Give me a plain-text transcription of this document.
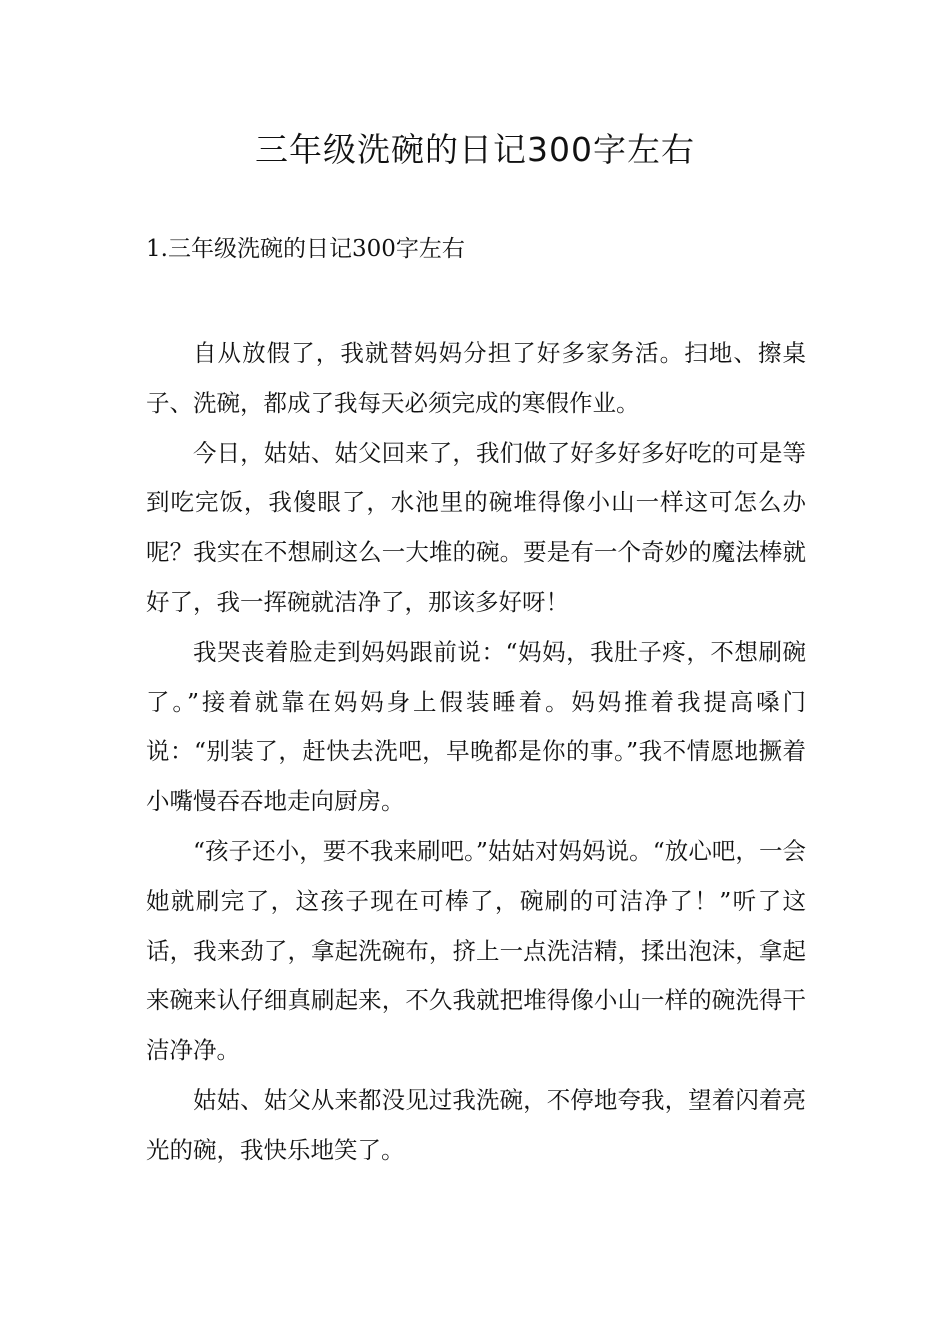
三年级洗碗的日记300字左右
1.三年级洗碗的日记300字左右

自从放假了，我就替妈妈分担了好多家务活。扫地、擦桌子、洗碗，都成了我每天必须完成的寒假作业。

今日，姑姑、姑父回来了，我们做了好多好多好吃的可是等到吃完饭，我傻眼了，水池里的碗堆得像小山一样这可怎么办呢？我实在不想刷这么一大堆的碗。要是有一个奇妙的魔法棒就好了，我一挥碗就洁净了，那该多好呀！

我哭丧着脸走到妈妈跟前说：“妈妈，我肚子疼，不想刷碗了。”接着就靠在妈妈身上假装睡着。妈妈推着我提高嗓门说：“别装了，赶快去洗吧，早晚都是你的事。”我不情愿地撅着小嘴慢吞吞地走向厨房。

“孩子还小，要不我来刷吧。”姑姑对妈妈说。“放心吧，一会她就刷完了，这孩子现在可棒了，碗刷的可洁净了！”听了这话，我来劲了，拿起洗碗布，挤上一点洗洁精，揉出泡沫，拿起来碗来认仔细真刷起来，不久我就把堆得像小山一样的碗洗得干洁净净。

姑姑、姑父从来都没见过我洗碗，不停地夸我，望着闪着亮光的碗，我快乐地笑了。
